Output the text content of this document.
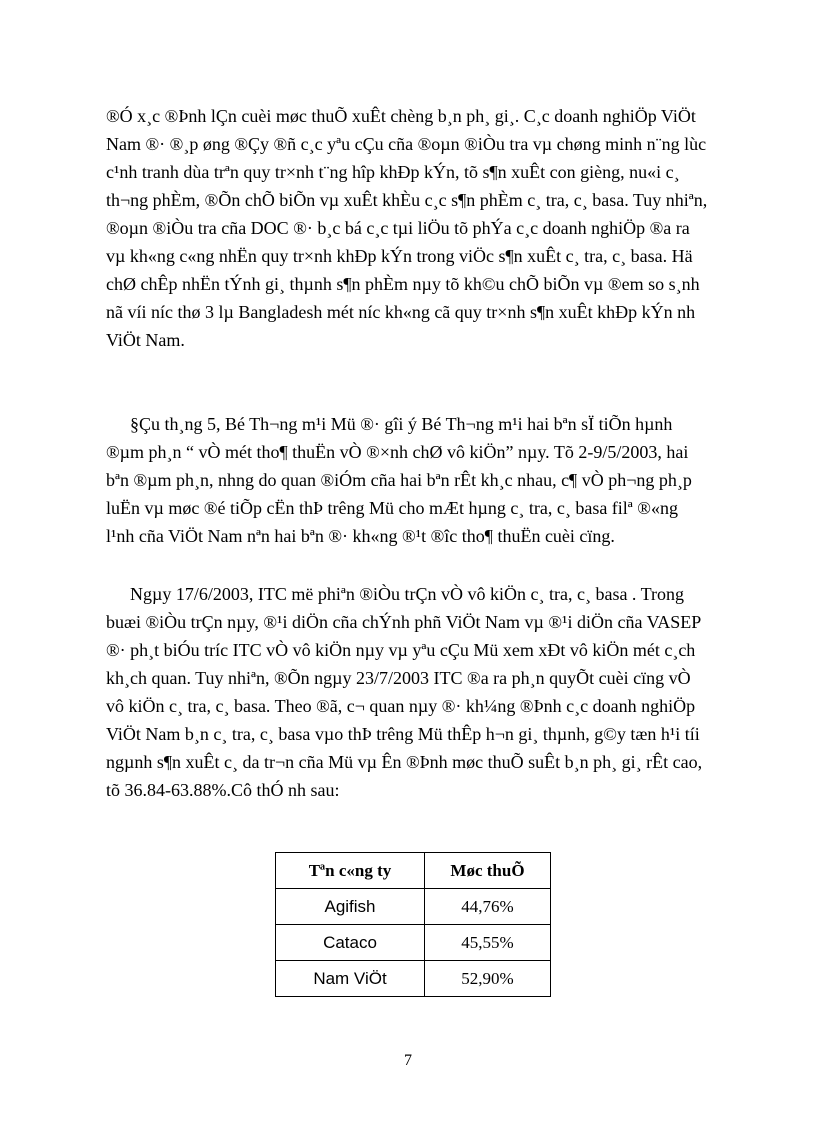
®Ó x¸c ®Þnh lÇn cuèi møc thuÕ xuÊt chèng b¸n ph¸ gi¸. C¸c doanh nghiÖp ViÖt
Nam ®· ®¸p øng ®Çy ®ñ c¸c yªu cÇu cña ®oµn ®iÒu tra vµ chøng minh n¨ng lùc
c¹nh tranh dùa trªn quy tr×nh t¨ng hîp khÐp kÝn, tõ s¶n xuÊt con gièng, nu«i c¸
th¬ng phÈm, ®Õn chÕ biÕn vµ xuÊt khÈu c¸c s¶n phÈm c¸ tra, c¸ basa. Tuy nhiªn,
®oµn ®iÒu tra cña DOC ®· b¸c bá c¸c tµi liÖu tõ phÝa c¸c doanh nghiÖp ®a ra
vµ kh«ng c«ng nhËn quy tr×nh khÐp kÝn trong viÖc s¶n xuÊt c¸ tra, c¸ basa. Hä
chØ chÊp nhËn tÝnh gi¸ thµnh s¶n phÈm nµy tõ kh©u chÕ biÕn vµ ®em so s¸nh
nã víi níc thø 3 lµ Bangladesh mét níc kh«ng cã quy tr×nh s¶n xuÊt khÐp kÝn nh
ViÖt Nam.
§Çu th¸ng 5, Bé Th¬ng m¹i Mü ®· gîi ý Bé Th¬ng m¹i hai bªn sÏ tiÕn hµnh
®µm ph¸n “ vÒ mét tho¶ thuËn vÒ ®×nh chØ vô kiÖn” nµy. Tõ 2-9/5/2003, hai
bªn ®µm ph¸n, nhng do quan ®iÓm cña hai bªn rÊt kh¸c nhau, c¶ vÒ ph¬ng ph¸p
luËn vµ møc ®é tiÕp cËn thÞ trêng Mü cho mÆt hµng c¸ tra, c¸ basa filª ®«ng
l¹nh cña ViÖt Nam nªn hai bªn ®· kh«ng ®¹t ®îc tho¶ thuËn cuèi cïng.
Ngµy 17/6/2003, ITC më phiªn ®iÒu trÇn vÒ vô kiÖn c¸ tra, c¸ basa . Trong
buæi ®iÒu trÇn nµy, ®¹i diÖn cña chÝnh phñ ViÖt Nam vµ ®¹i diÖn cña VASEP
®· ph¸t biÓu tríc ITC vÒ vô kiÖn nµy vµ yªu cÇu Mü xem xÐt vô kiÖn mét c¸ch
kh¸ch quan. Tuy nhiªn, ®Õn ngµy 23/7/2003 ITC ®a ra ph¸n quyÕt cuèi cïng vÒ
vô kiÖn c¸ tra, c¸ basa. Theo ®ã, c¬ quan nµy ®· kh¼ng ®Þnh c¸c doanh nghiÖp
ViÖt Nam b¸n c¸ tra, c¸ basa vµo thÞ trêng Mü thÊp h¬n gi¸ thµnh, g©y tæn h¹i tíi
ngµnh s¶n xuÊt c¸ da tr¬n cña Mü vµ Ên ®Þnh møc thuÕ suÊt b¸n ph¸ gi¸ rÊt cao,
tõ 36.84-63.88%.Cô thÓ nh sau:
Tªn c«ng ty	Møc thuÕ
Agifish	44,76%
Cataco	45,55%
Nam ViÖt	52,90%
7
